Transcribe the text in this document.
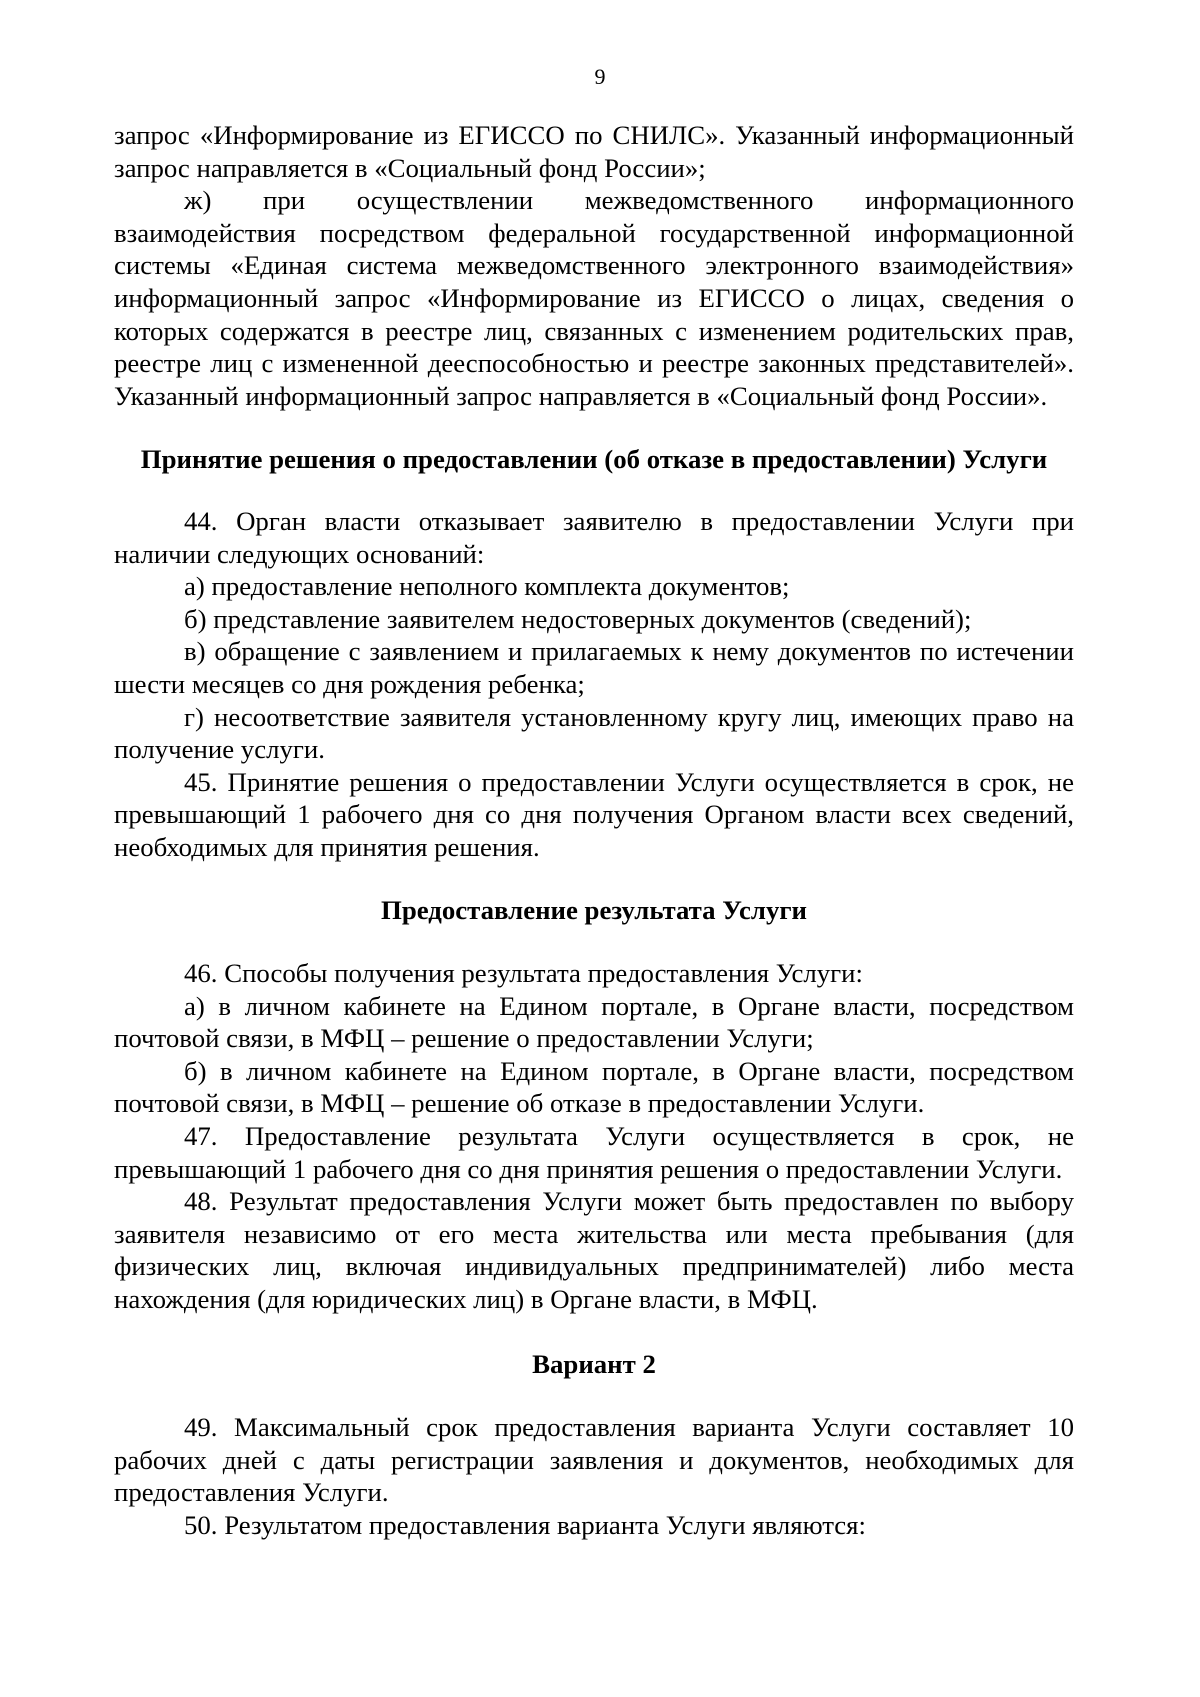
9

запрос «Информирование из ЕГИССО по СНИЛС». Указанный информационный запрос направляется в «Социальный фонд России»;

ж) при осуществлении межведомственного информационного взаимодействия посредством федеральной государственной информационной системы «Единая система межведомственного электронного взаимодействия» информационный запрос «Информирование из ЕГИССО о лицах, сведения о которых содержатся в реестре лиц, связанных с изменением родительских прав, реестре лиц с измененной дееспособностью и реестре законных представителей». Указанный информационный запрос направляется в «Социальный фонд России».

Принятие решения о предоставлении (об отказе в предоставлении) Услуги

44. Орган власти отказывает заявителю в предоставлении Услуги при наличии следующих оснований:

а) предоставление неполного комплекта документов;

б) представление заявителем недостоверных документов (сведений);

в) обращение с заявлением и прилагаемых к нему документов по истечении шести месяцев со дня рождения ребенка;

г) несоответствие заявителя установленному кругу лиц, имеющих право на получение услуги.

45. Принятие решения о предоставлении Услуги осуществляется в срок, не превышающий 1 рабочего дня со дня получения Органом власти всех сведений, необходимых для принятия решения.

Предоставление результата Услуги

46. Способы получения результата предоставления Услуги:

а) в личном кабинете на Едином портале, в Органе власти, посредством почтовой связи, в МФЦ – решение о предоставлении Услуги;

б) в личном кабинете на Едином портале, в Органе власти, посредством почтовой связи, в МФЦ – решение об отказе в предоставлении Услуги.

47. Предоставление результата Услуги осуществляется в срок, не превышающий 1 рабочего дня со дня принятия решения о предоставлении Услуги.

48. Результат предоставления Услуги может быть предоставлен по выбору заявителя независимо от его места жительства или места пребывания (для физических лиц, включая индивидуальных предпринимателей) либо места нахождения (для юридических лиц) в Органе власти, в МФЦ.

Вариант 2

49. Максимальный срок предоставления варианта Услуги составляет 10 рабочих дней с даты регистрации заявления и документов, необходимых для предоставления Услуги.

50. Результатом предоставления варианта Услуги являются:
